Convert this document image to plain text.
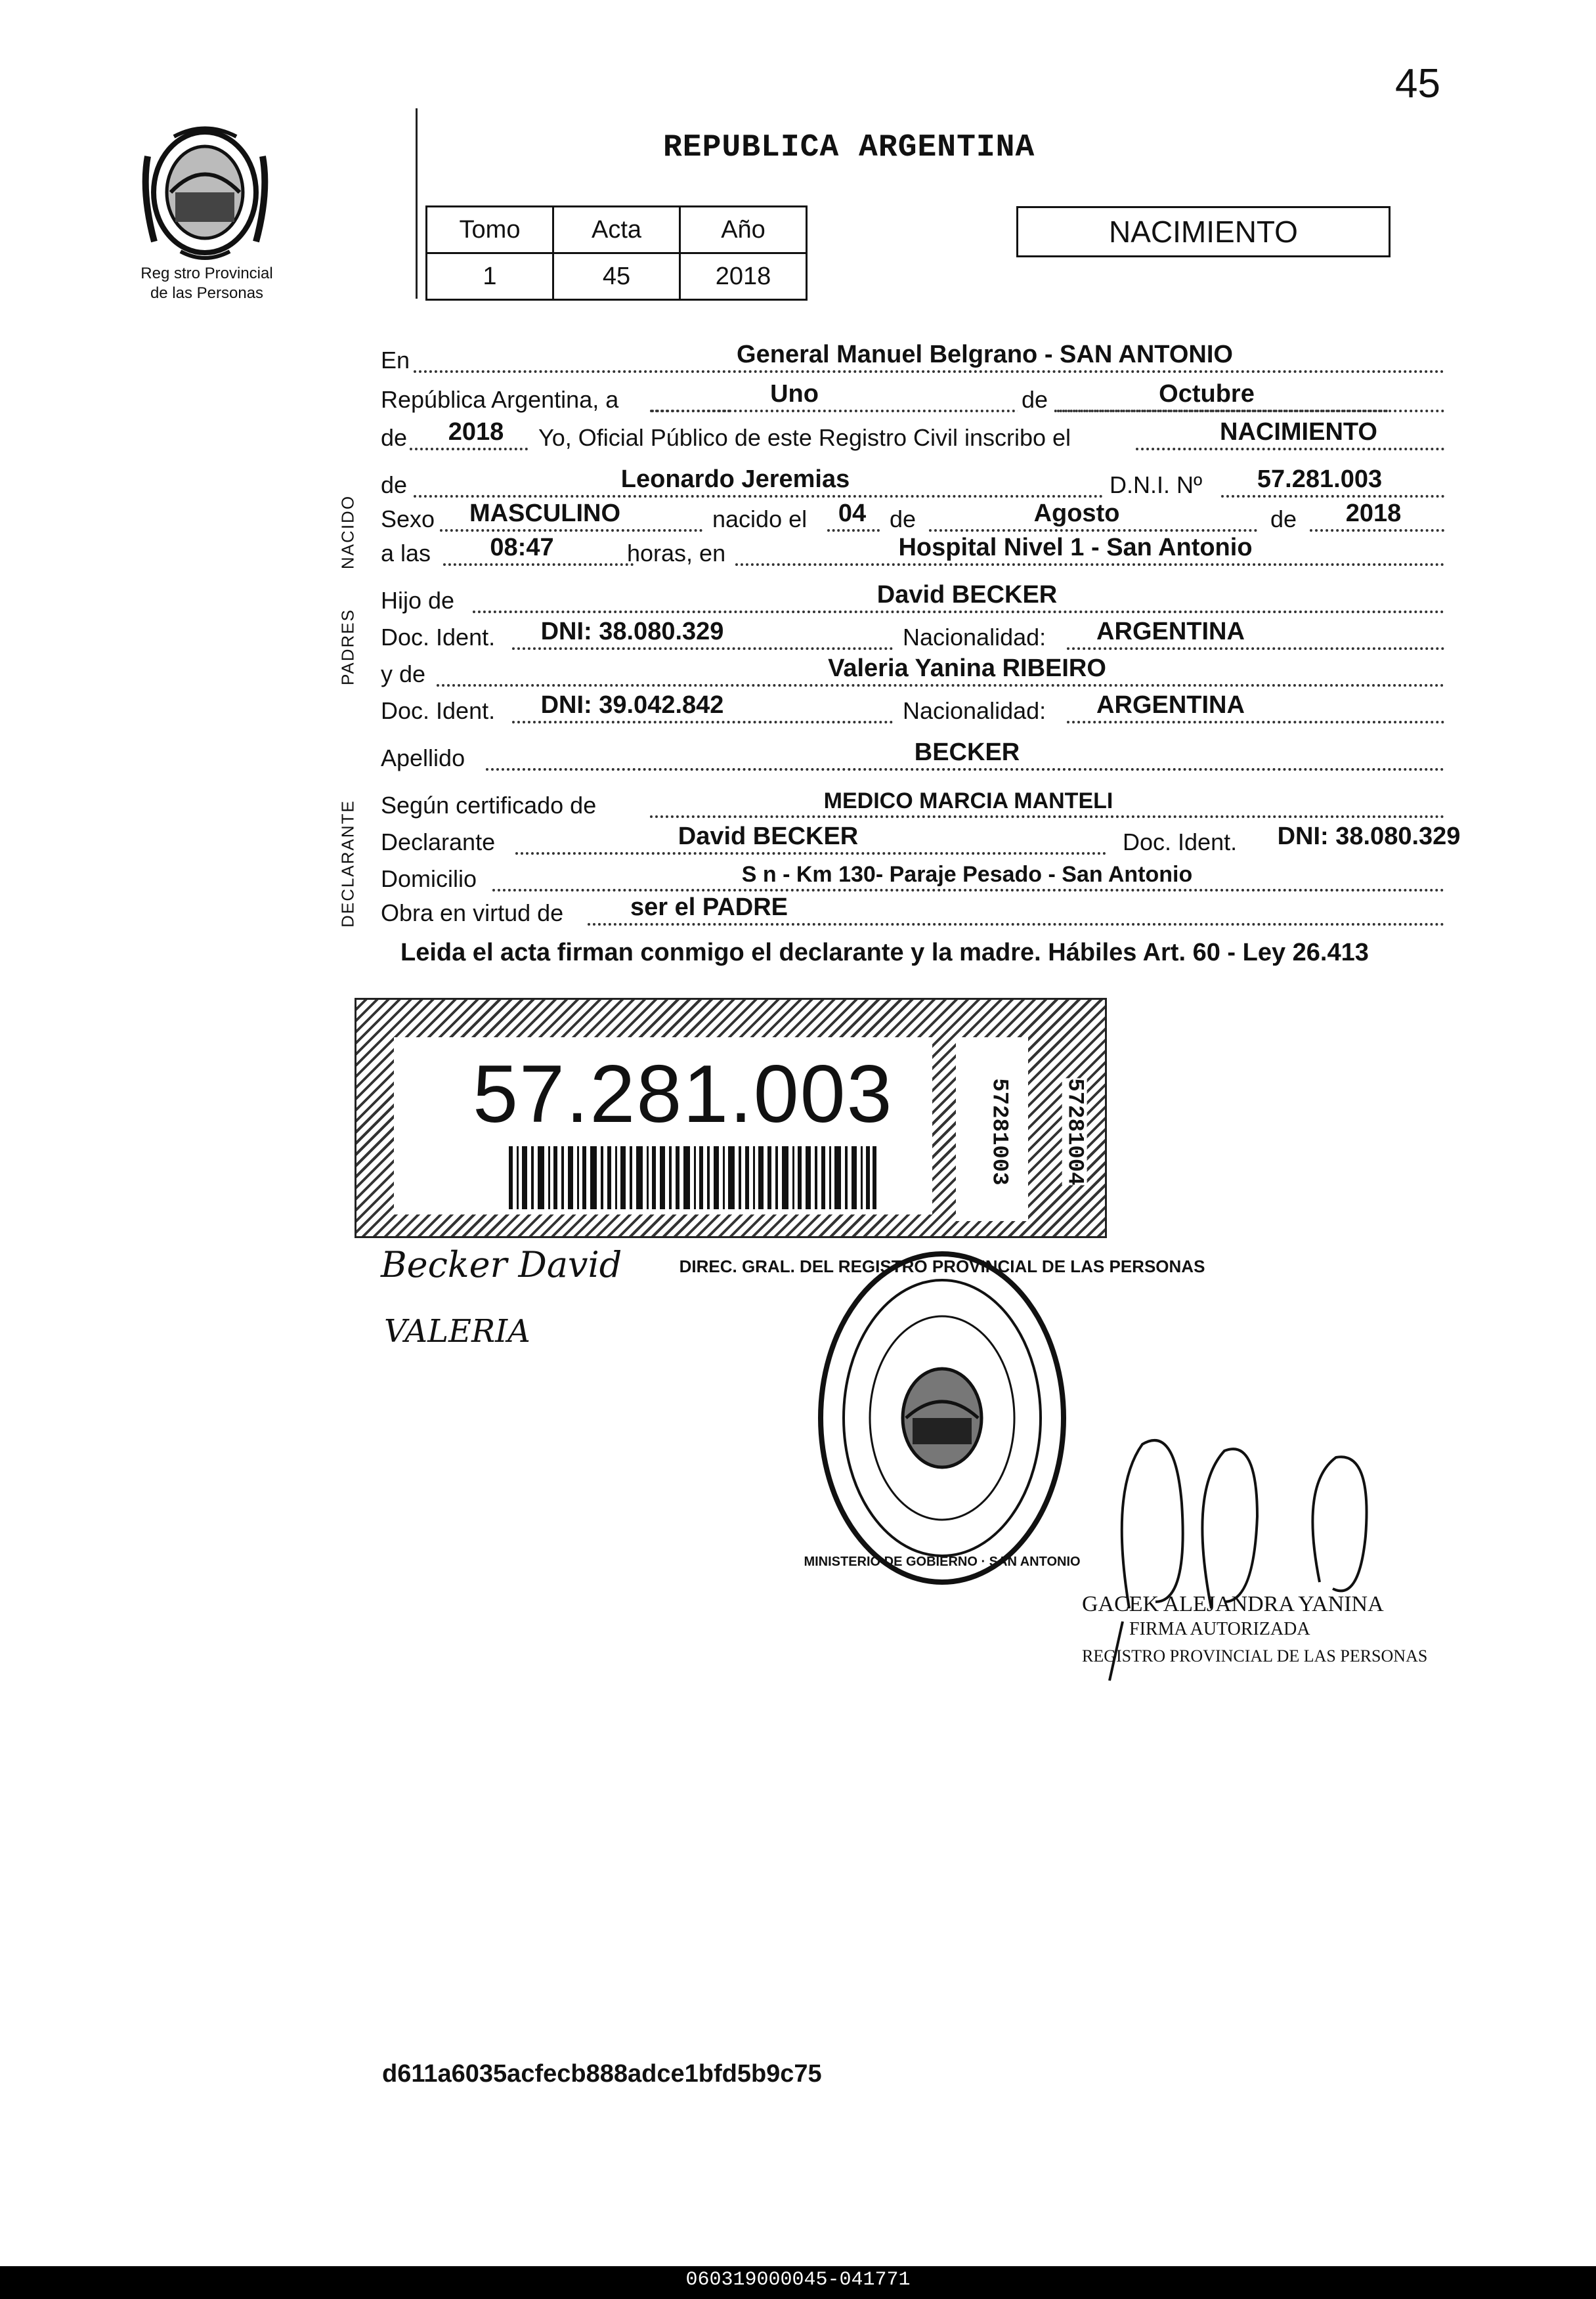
45
REPUBLICA ARGENTINA
Reg stro Provincial
de las Personas
Tomo	Acta	Año
1	45	2018
NACIMIENTO
NACIDO
PADRES
DECLARANTE
En	General Manuel Belgrano - SAN ANTONIO
República Argentina, a	Uno	de	Octubre
de 2018 Yo, Oficial Público de este Registro Civil inscribo el	NACIMIENTO
de	Leonardo Jeremias	D.N.I. Nº 57.281.003
Sexo MASCULINO	nacido el 04 de	Agosto	de 2018
a las 08:47	horas, en	Hospital Nivel 1 - San Antonio
Hijo de	David BECKER
Doc. Ident. DNI: 38.080.329	Nacionalidad: ARGENTINA
y de	Valeria Yanina RIBEIRO
Doc. Ident. DNI: 39.042.842	Nacionalidad: ARGENTINA
Apellido	BECKER
Según certificado de	MEDICO MARCIA MANTELI
Declarante	David BECKER	Doc. Ident. DNI: 38.080.329
Domicilio	S n - Km 130- Paraje Pesado - San Antonio
Obra en virtud de	ser el PADRE
Leida el acta firman conmigo el declarante y la madre. Hábiles Art. 60 - Ley 26.413
57.281.003	57281003 57281004
Becker David
VALERIA
DIREC. GRAL. DEL REGISTRO PROVINCIAL DE LAS PERSONAS
MINISTERIO DE GOBIERNO · SAN ANTONIO
GACEK ALEJANDRA YANINA
FIRMA AUTORIZADA
REGISTRO PROVINCIAL DE LAS PERSONAS
d611a6035acfecb888adce1bfd5b9c75
060319000045-041771
